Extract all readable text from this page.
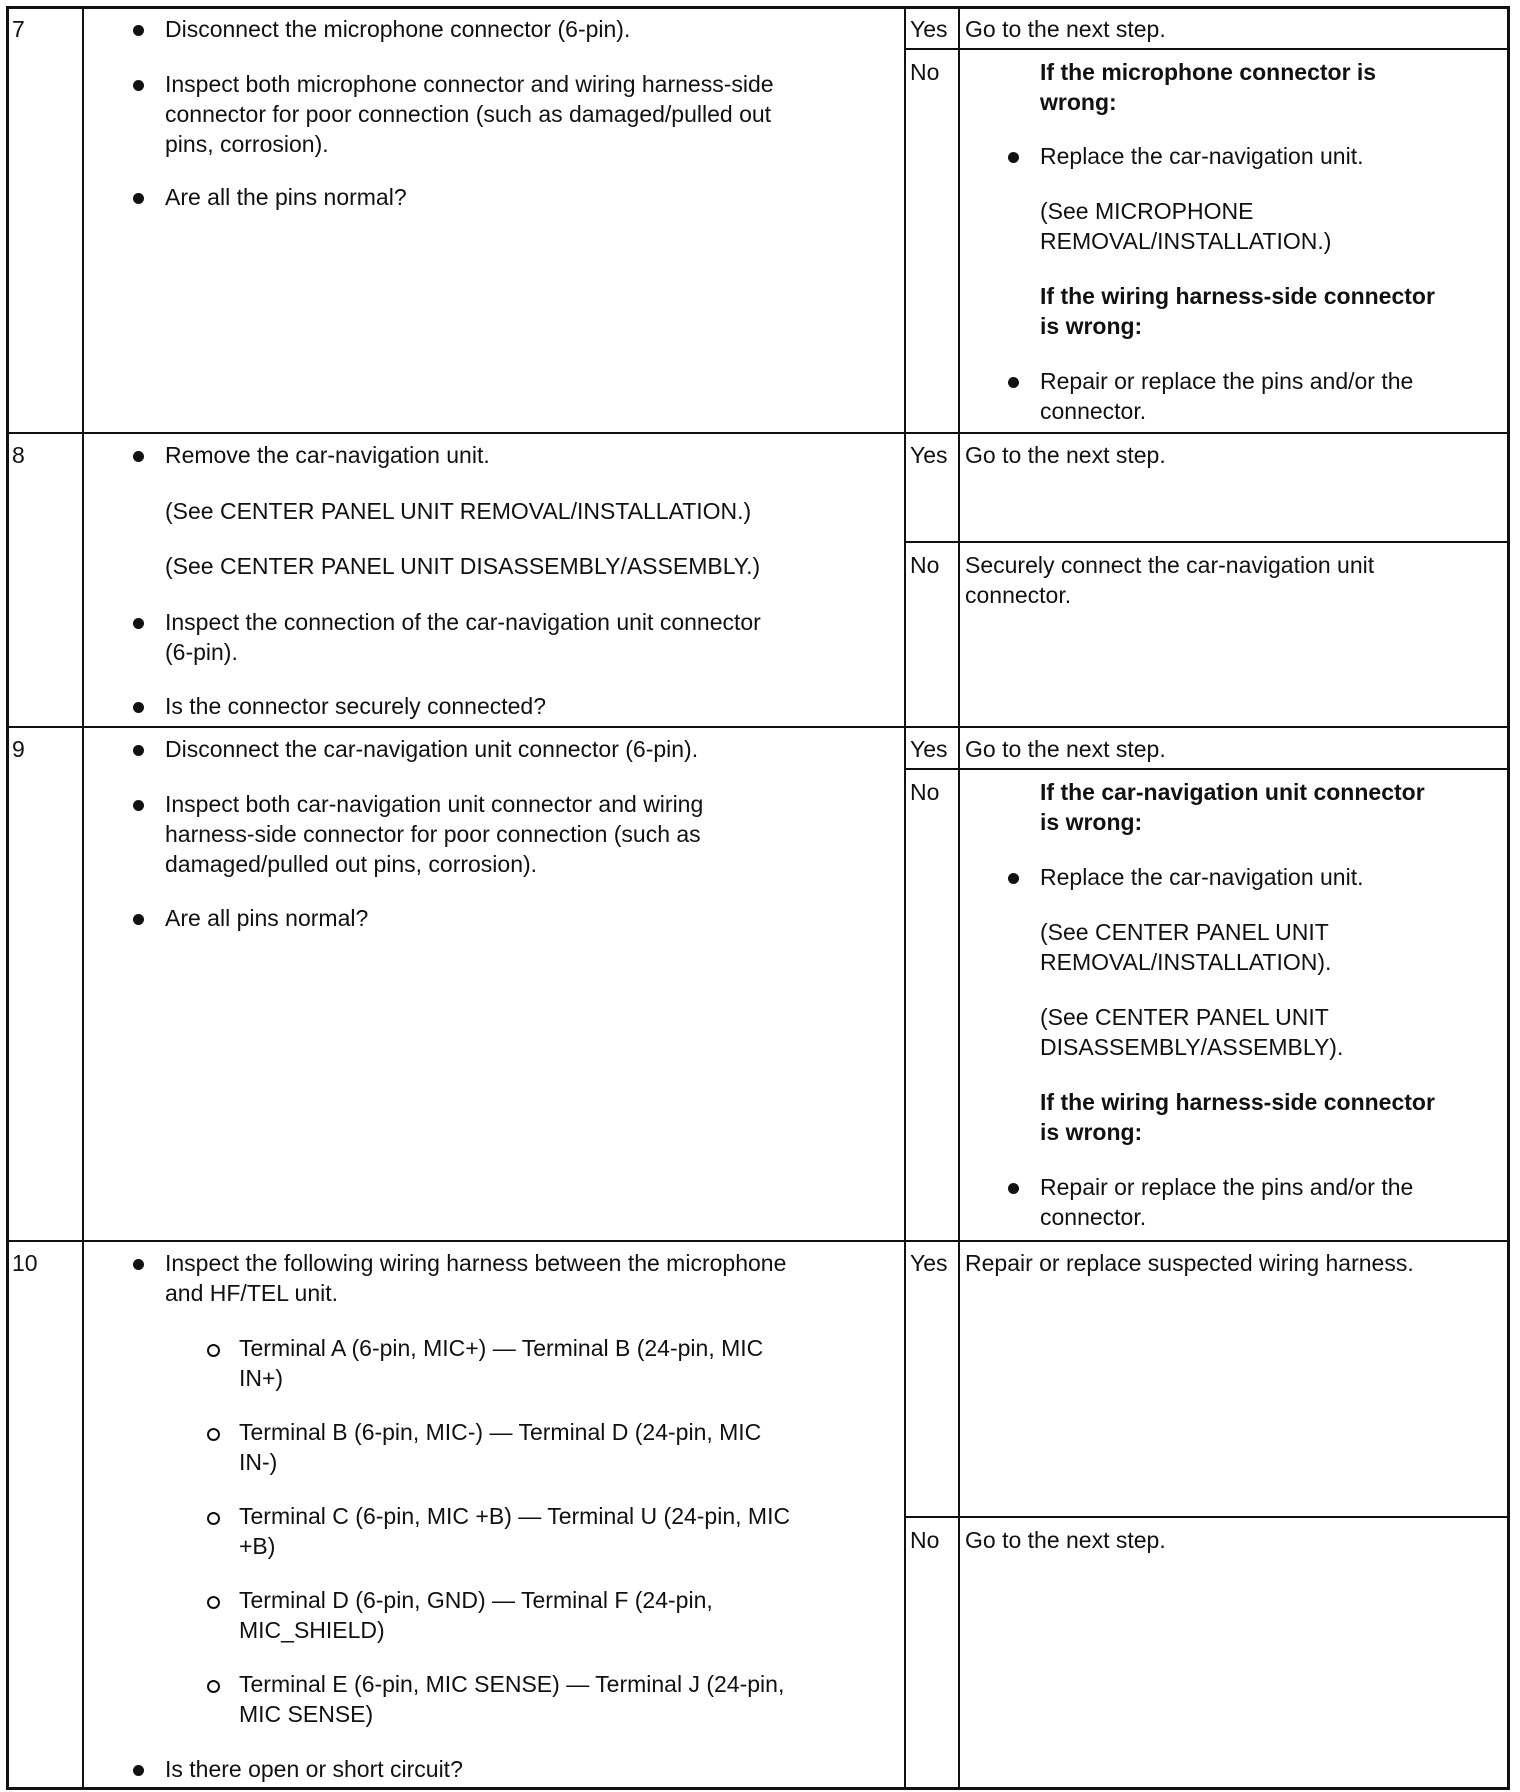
7	Disconnect the microphone connector (6-pin).
Inspect both microphone connector and wiring harness-side
connector for poor connection (such as damaged/pulled out
pins, corrosion).
Are all the pins normal?
Yes Go to the next step.
No	If the microphone connector is
wrong:
Replace the car-navigation unit.
(See MICROPHONE
REMOVAL/INSTALLATION.)
If the wiring harness-side connector
is wrong:
Repair or replace the pins and/or the
connector.
8	Remove the car-navigation unit.
(See CENTER PANEL UNIT REMOVAL/INSTALLATION.)
(See CENTER PANEL UNIT DISASSEMBLY/ASSEMBLY.)
Inspect the connection of the car-navigation unit connector
(6-pin).
Is the connector securely connected?
Yes Go to the next step.
No Securely connect the car-navigation unit
connector.
9	Disconnect the car-navigation unit connector (6-pin).
Inspect both car-navigation unit connector and wiring
harness-side connector for poor connection (such as
damaged/pulled out pins, corrosion).
Are all pins normal?
Yes Go to the next step.
No	If the car-navigation unit connector
is wrong:
Replace the car-navigation unit.
(See CENTER PANEL UNIT
REMOVAL/INSTALLATION).
(See CENTER PANEL UNIT
DISASSEMBLY/ASSEMBLY).
If the wiring harness-side connector
is wrong:
Repair or replace the pins and/or the
connector.
10	Inspect the following wiring harness between the microphone
and HF/TEL unit.
Terminal A (6-pin, MIC+) — Terminal B (24-pin, MIC
IN+)
Terminal B (6-pin, MIC-) — Terminal D (24-pin, MIC
IN-)
Terminal C (6-pin, MIC +B) — Terminal U (24-pin, MIC
+B)
Terminal D (6-pin, GND) — Terminal F (24-pin,
MIC_SHIELD)
Terminal E (6-pin, MIC SENSE) — Terminal J (24-pin,
MIC SENSE)
Is there open or short circuit?
Yes Repair or replace suspected wiring harness.
No Go to the next step.
